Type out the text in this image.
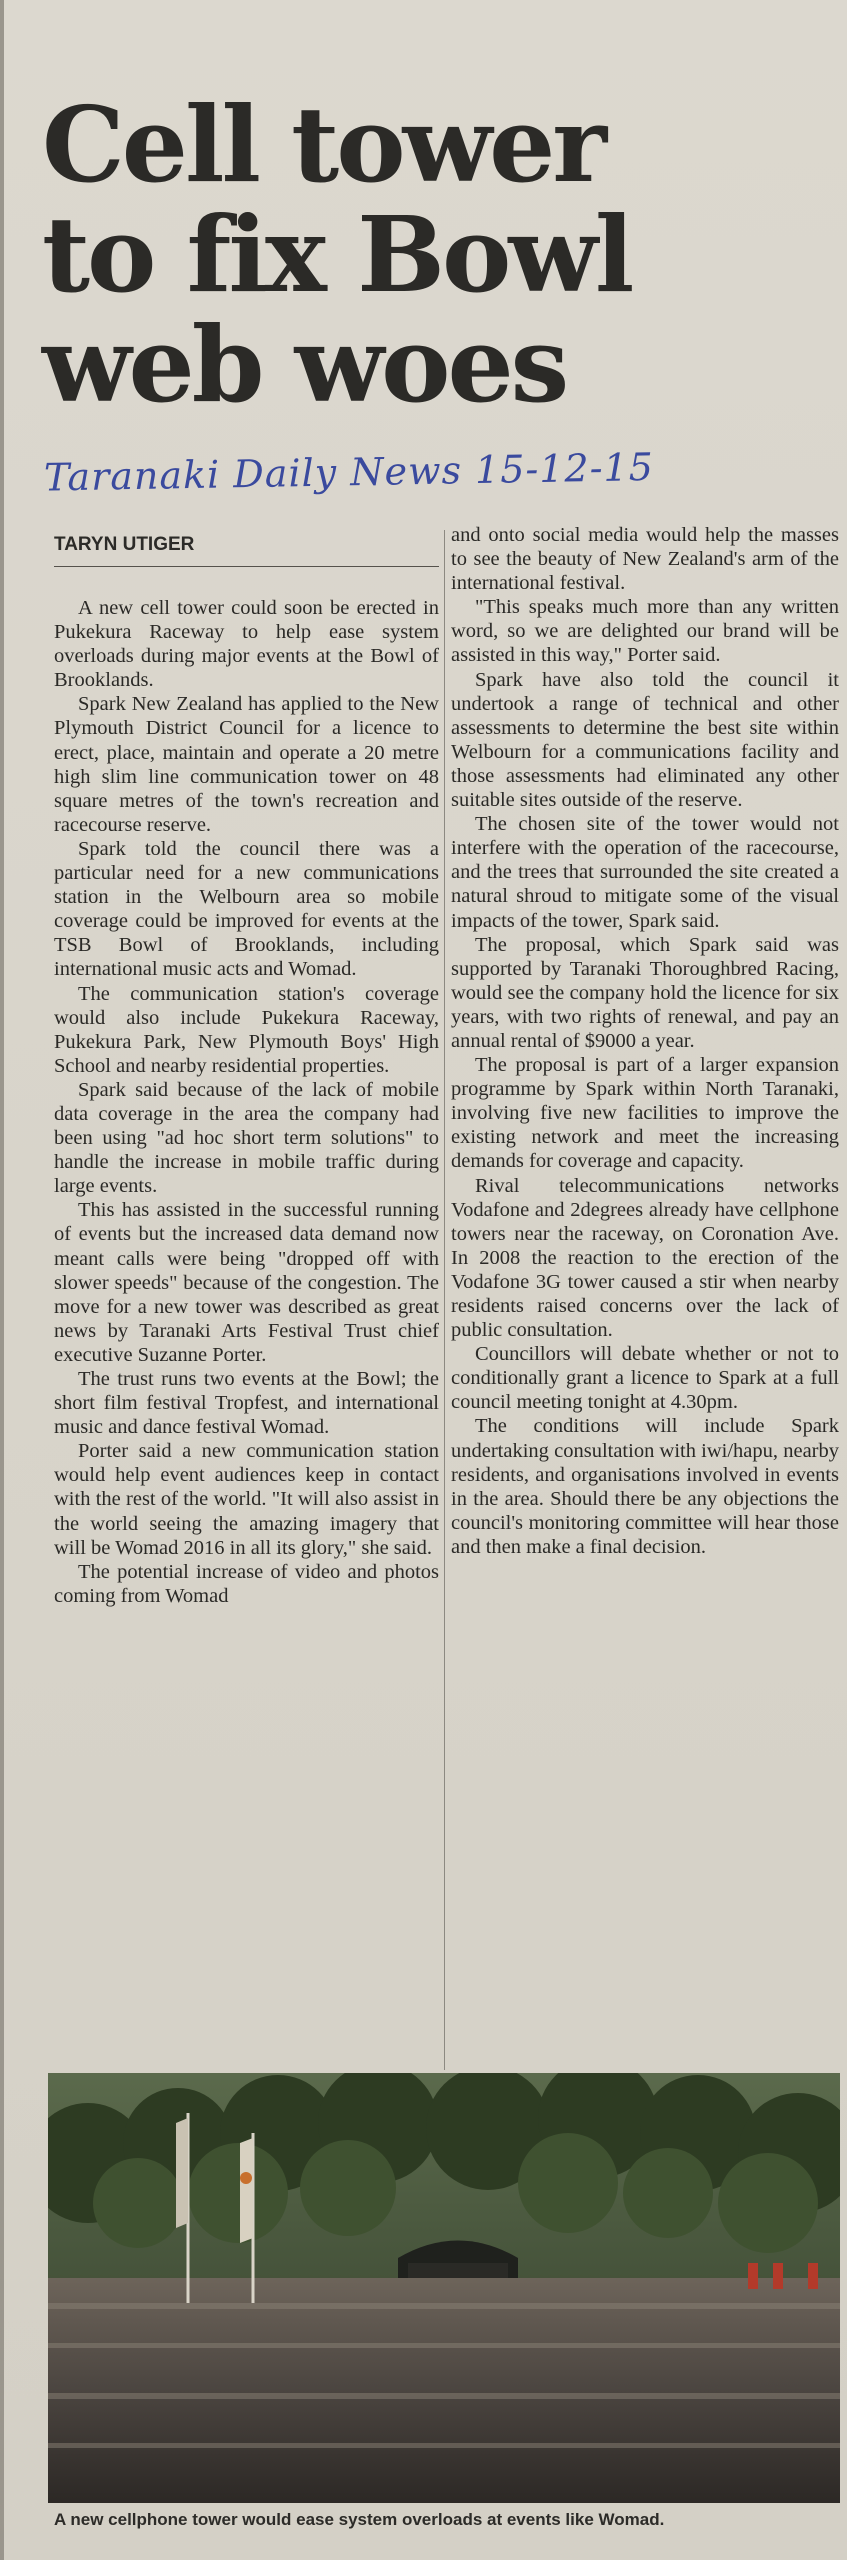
Cell tower
to fix Bowl
web woes
Taranaki Daily News 15-12-15
TARYN UTIGER

A new cell tower could soon be erected in Pukekura Raceway to help ease system overloads during major events at the Bowl of Brooklands.

Spark New Zealand has applied to the New Plymouth District Council for a licence to erect, place, maintain and operate a 20 metre high slim line communication tower on 48 square metres of the town's recreation and racecourse reserve.

Spark told the council there was a particular need for a new communications station in the Welbourn area so mobile coverage could be improved for events at the TSB Bowl of Brooklands, including international music acts and Womad.

The communication station's coverage would also include Pukekura Raceway, Pukekura Park, New Plymouth Boys' High School and nearby residential properties.

Spark said because of the lack of mobile data coverage in the area the company had been using "ad hoc short term solutions" to handle the increase in mobile traffic during large events.

This has assisted in the successful running of events but the increased data demand now meant calls were being "dropped off with slower speeds" because of the congestion. The move for a new tower was described as great news by Taranaki Arts Festival Trust chief executive Suzanne Porter.

The trust runs two events at the Bowl; the short film festival Tropfest, and international music and dance festival Womad.

Porter said a new communication station would help event audiences keep in contact with the rest of the world. "It will also assist in the world seeing the amazing imagery that will be Womad 2016 in all its glory," she said.

The potential increase of video and photos coming from Womad

and onto social media would help the masses to see the beauty of New Zealand's arm of the international festival.

"This speaks much more than any written word, so we are delighted our brand will be assisted in this way," Porter said.

Spark have also told the council it undertook a range of technical and other assessments to determine the best site within Welbourn for a communications facility and those assessments had eliminated any other suitable sites outside of the reserve.

The chosen site of the tower would not interfere with the operation of the racecourse, and the trees that surrounded the site created a natural shroud to mitigate some of the visual impacts of the tower, Spark said.

The proposal, which Spark said was supported by Taranaki Thoroughbred Racing, would see the company hold the licence for six years, with two rights of renewal, and pay an annual rental of $9000 a year.

The proposal is part of a larger expansion programme by Spark within North Taranaki, involving five new facilities to improve the existing network and meet the increasing demands for coverage and capacity.

Rival telecommunications networks Vodafone and 2degrees already have cellphone towers near the raceway, on Coronation Ave. In 2008 the reaction to the erection of the Vodafone 3G tower caused a stir when nearby residents raised concerns over the lack of public consultation.

Councillors will debate whether or not to conditionally grant a licence to Spark at a full council meeting tonight at 4.30pm.

The conditions will include Spark undertaking consultation with iwi/hapu, nearby residents, and organisations involved in events in the area. Should there be any objections the council's monitoring committee will hear those and then make a final decision.

A new cellphone tower would ease system overloads at events like Womad.
